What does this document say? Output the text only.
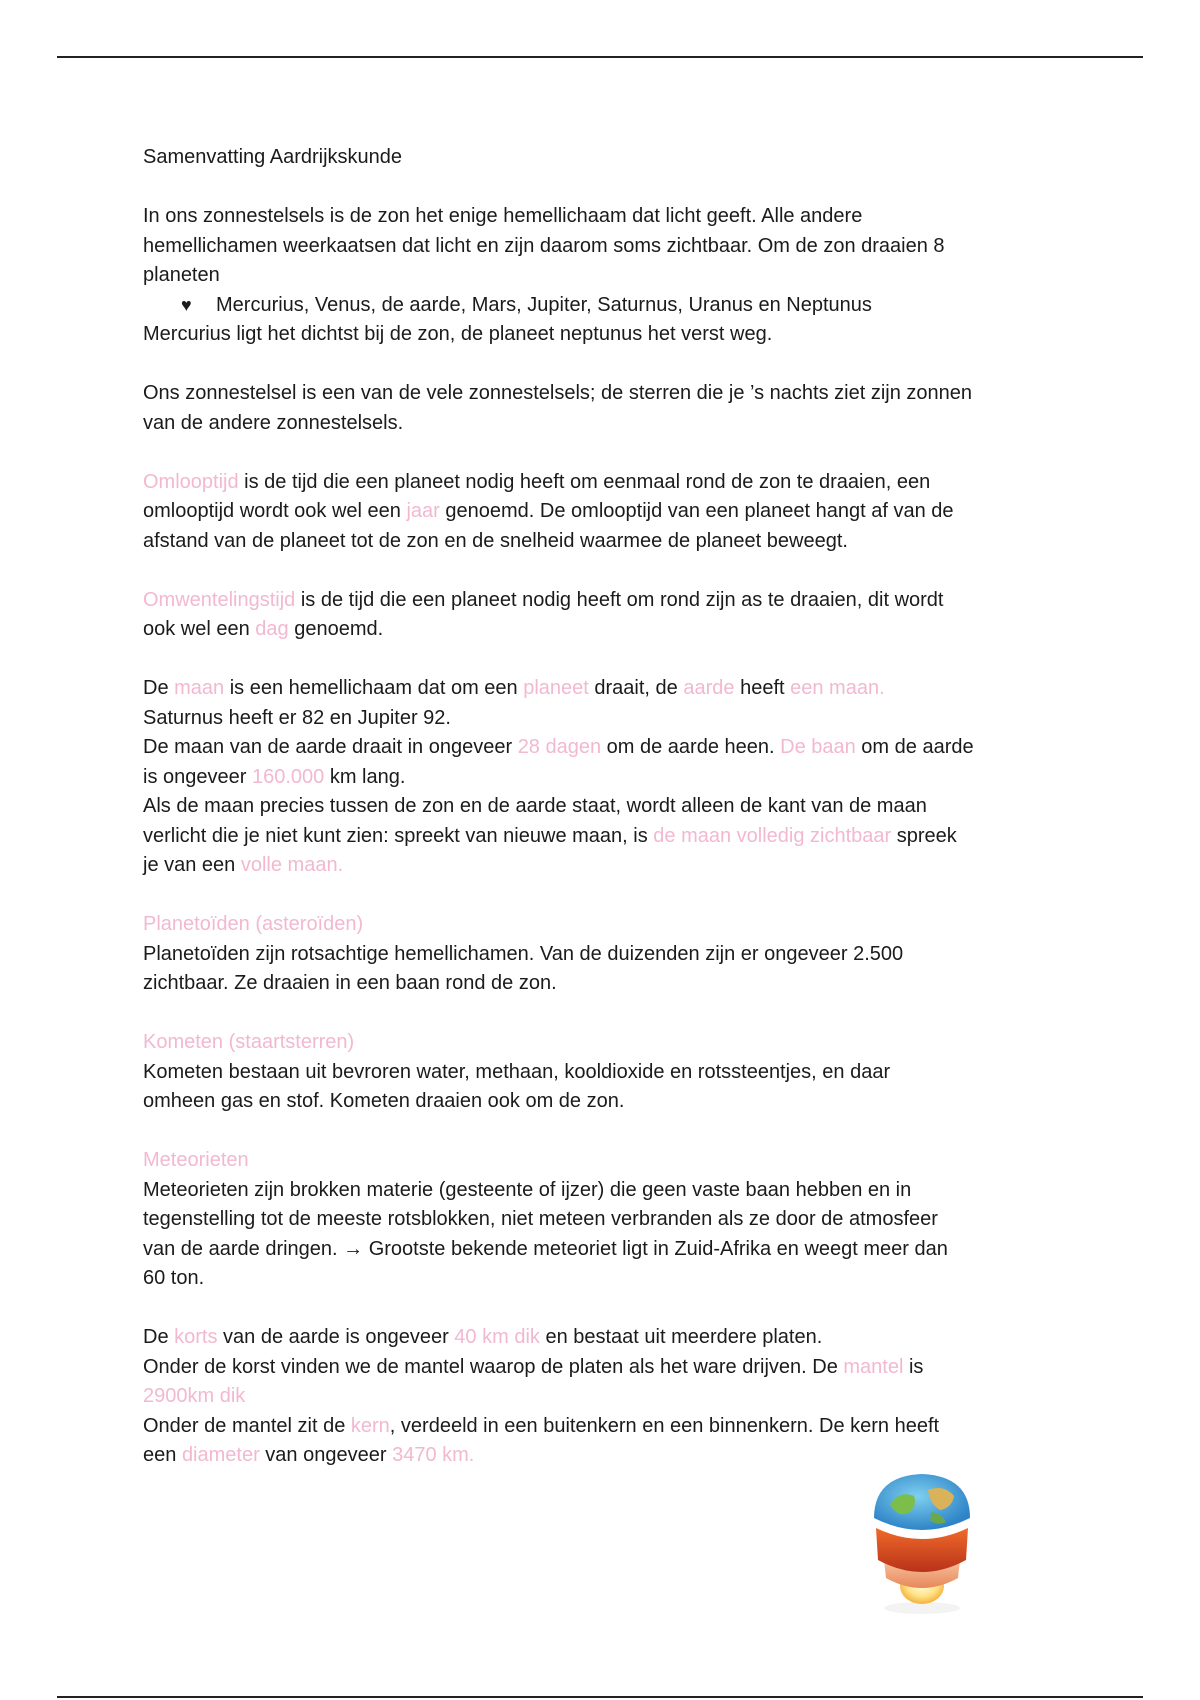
Samenvatting Aardrijkskunde
In ons zonnestelsels is de zon het enige hemellichaam dat licht geeft. Alle andere
hemellichamen weerkaatsen dat licht en zijn daarom soms zichtbaar. Om de zon draaien 8
planeten
♥ Mercurius, Venus, de aarde, Mars, Jupiter, Saturnus, Uranus en Neptunus
Mercurius ligt het dichtst bij de zon, de planeet neptunus het verst weg.
Ons zonnestelsel is een van de vele zonnestelsels; de sterren die je ’s nachts ziet zijn zonnen
van de andere zonnestelsels.
Omlooptijd is de tijd die een planeet nodig heeft om eenmaal rond de zon te draaien, een
omlooptijd wordt ook wel een jaar genoemd. De omlooptijd van een planeet hangt af van de
afstand van de planeet tot de zon en de snelheid waarmee de planeet beweegt.
Omwentelingstijd is de tijd die een planeet nodig heeft om rond zijn as te draaien, dit wordt
ook wel een dag genoemd.
De maan is een hemellichaam dat om een planeet draait, de aarde heeft een maan.
Saturnus heeft er 82 en Jupiter 92.
De maan van de aarde draait in ongeveer 28 dagen om de aarde heen. De baan om de aarde
is ongeveer 160.000 km lang.
Als de maan precies tussen de zon en de aarde staat, wordt alleen de kant van de maan
verlicht die je niet kunt zien: spreekt van nieuwe maan, is de maan volledig zichtbaar spreek
je van een volle maan.
Planetoïden (asteroïden)
Planetoïden zijn rotsachtige hemellichamen. Van de duizenden zijn er ongeveer 2.500
zichtbaar. Ze draaien in een baan rond de zon.
Kometen (staartsterren)
Kometen bestaan uit bevroren water, methaan, kooldioxide en rotssteentjes, en daar
omheen gas en stof. Kometen draaien ook om de zon.
Meteorieten
Meteorieten zijn brokken materie (gesteente of ijzer) die geen vaste baan hebben en in
tegenstelling tot de meeste rotsblokken, niet meteen verbranden als ze door de atmosfeer
van de aarde dringen. → Grootste bekende meteoriet ligt in Zuid-Afrika en weegt meer dan
60 ton.
De korts van de aarde is ongeveer 40 km dik en bestaat uit meerdere platen.
Onder de korst vinden we de mantel waarop de platen als het ware drijven. De mantel is
2900km dik
Onder de mantel zit de kern, verdeeld in een buitenkern en een binnenkern. De kern heeft
een diameter van ongeveer 3470 km.
